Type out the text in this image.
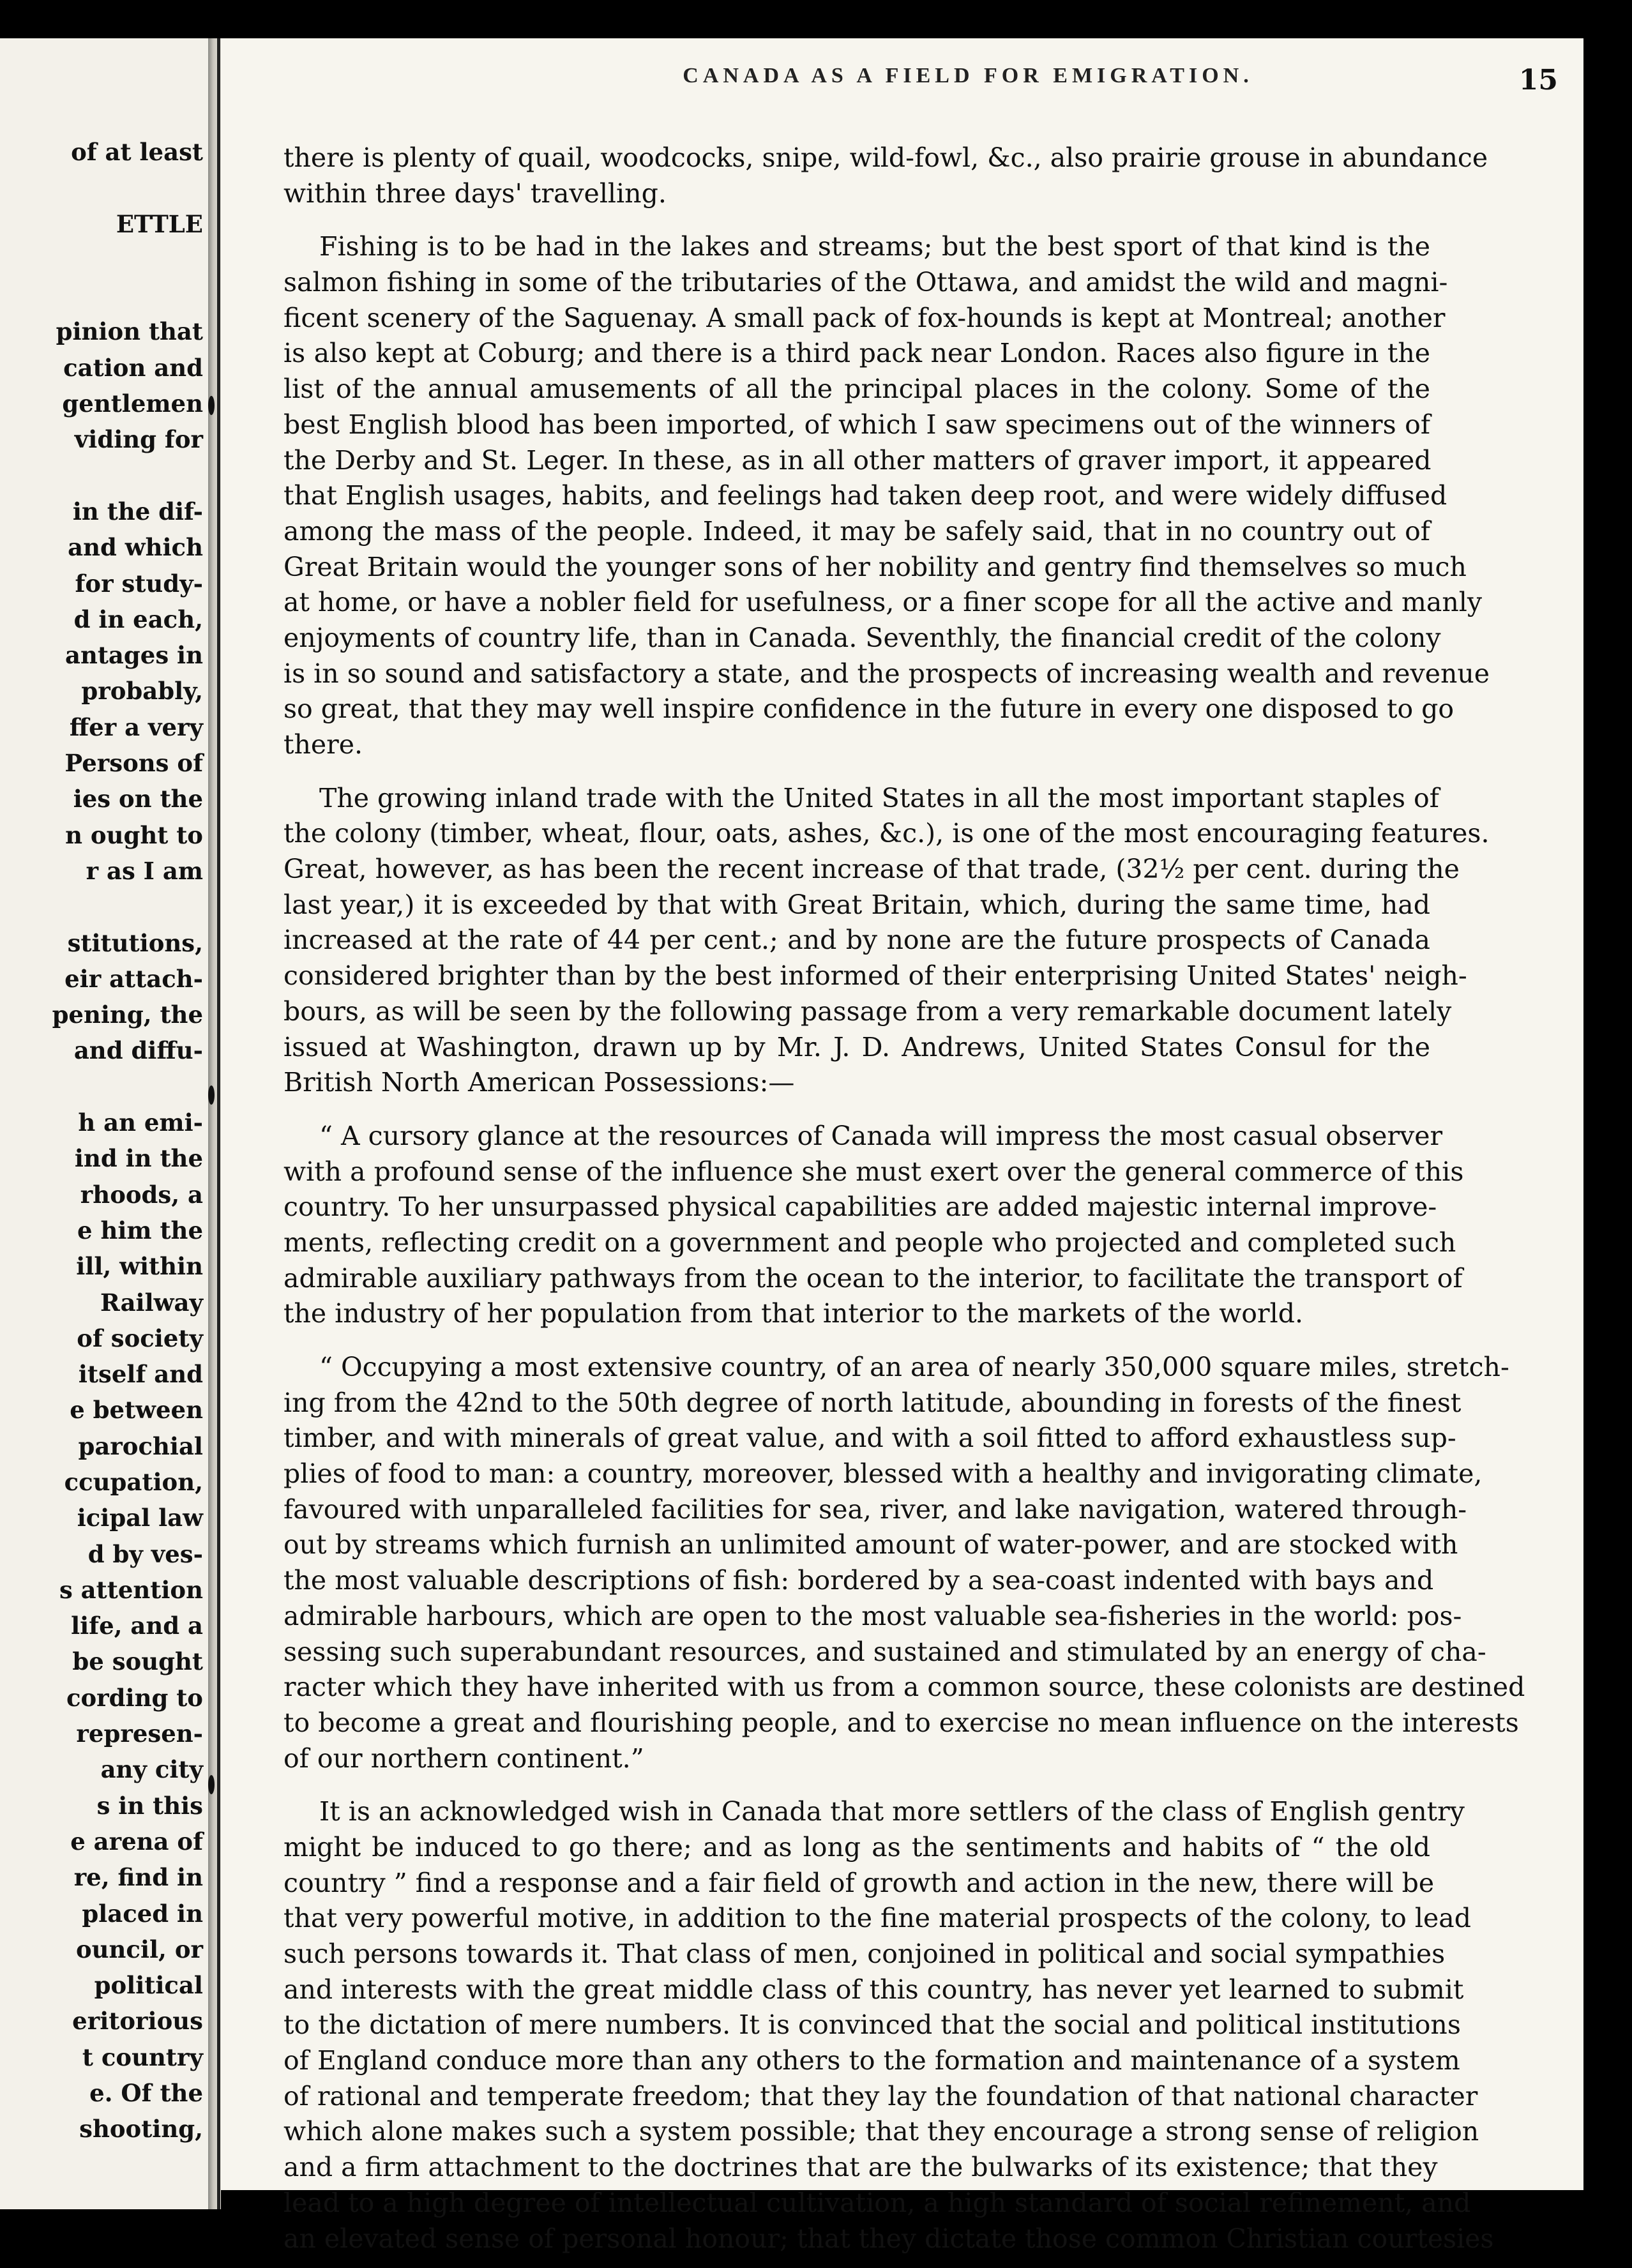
of at least
ETTLE
pinion that
cation and
gentlemen
viding for
in the dif-
and which
for study-
d in each,
antages in
probably,
ffer a very
Persons of
ies on the
n ought to
r as I am
stitutions,
eir attach-
pening, the
and diffu-
h an emi-
ind in the
rhoods, a
e him the
ill, within
Railway
of society
itself and
e between
parochial
ccupation,
icipal law
d by ves-
s attention
life, and a
be sought
cording to
represen-
any city
s in this
e arena of
re, find in
placed in
ouncil, or
political
eritorious
t country
e. Of the
shooting,
CANADA AS A FIELD FOR EMIGRATION.	15
there is plenty of quail, woodcocks, snipe, wild-fowl, &c., also prairie grouse in abundance
within three days' travelling.
Fishing is to be had in the lakes and streams; but the best sport of that kind is the
salmon fishing in some of the tributaries of the Ottawa, and amidst the wild and magni-
ficent scenery of the Saguenay. A small pack of fox-hounds is kept at Montreal; another
is also kept at Coburg; and there is a third pack near London. Races also figure in the
list of the annual amusements of all the principal places in the colony. Some of the
best English blood has been imported, of which I saw specimens out of the winners of
the Derby and St. Leger. In these, as in all other matters of graver import, it appeared
that English usages, habits, and feelings had taken deep root, and were widely diffused
among the mass of the people. Indeed, it may be safely said, that in no country out of
Great Britain would the younger sons of her nobility and gentry find themselves so much
at home, or have a nobler field for usefulness, or a finer scope for all the active and manly
enjoyments of country life, than in Canada. Seventhly, the financial credit of the colony
is in so sound and satisfactory a state, and the prospects of increasing wealth and revenue
so great, that they may well inspire confidence in the future in every one disposed to go
there.
The growing inland trade with the United States in all the most important staples of
the colony (timber, wheat, flour, oats, ashes, &c.), is one of the most encouraging features.
Great, however, as has been the recent increase of that trade, (32½ per cent. during the
last year,) it is exceeded by that with Great Britain, which, during the same time, had
increased at the rate of 44 per cent.; and by none are the future prospects of Canada
considered brighter than by the best informed of their enterprising United States' neigh-
bours, as will be seen by the following passage from a very remarkable document lately
issued at Washington, drawn up by Mr. J. D. Andrews, United States Consul for the
British North American Possessions:—
“ A cursory glance at the resources of Canada will impress the most casual observer
with a profound sense of the influence she must exert over the general commerce of this
country. To her unsurpassed physical capabilities are added majestic internal improve-
ments, reflecting credit on a government and people who projected and completed such
admirable auxiliary pathways from the ocean to the interior, to facilitate the transport of
the industry of her population from that interior to the markets of the world.
“ Occupying a most extensive country, of an area of nearly 350,000 square miles, stretch-
ing from the 42nd to the 50th degree of north latitude, abounding in forests of the finest
timber, and with minerals of great value, and with a soil fitted to afford exhaustless sup-
plies of food to man: a country, moreover, blessed with a healthy and invigorating climate,
favoured with unparalleled facilities for sea, river, and lake navigation, watered through-
out by streams which furnish an unlimited amount of water-power, and are stocked with
the most valuable descriptions of fish: bordered by a sea-coast indented with bays and
admirable harbours, which are open to the most valuable sea-fisheries in the world: pos-
sessing such superabundant resources, and sustained and stimulated by an energy of cha-
racter which they have inherited with us from a common source, these colonists are destined
to become a great and flourishing people, and to exercise no mean influence on the interests
of our northern continent.”
It is an acknowledged wish in Canada that more settlers of the class of English gentry
might be induced to go there; and as long as the sentiments and habits of “ the old
country ” find a response and a fair field of growth and action in the new, there will be
that very powerful motive, in addition to the fine material prospects of the colony, to lead
such persons towards it. That class of men, conjoined in political and social sympathies
and interests with the great middle class of this country, has never yet learned to submit
to the dictation of mere numbers. It is convinced that the social and political institutions
of England conduce more than any others to the formation and maintenance of a system
of rational and temperate freedom; that they lay the foundation of that national character
which alone makes such a system possible; that they encourage a strong sense of religion
and a firm attachment to the doctrines that are the bulwarks of its existence; that they
lead to a high degree of intellectual cultivation, a high standard of social refinement, and
an elevated sense of personal honour; that they dictate those common Christian courtesies
